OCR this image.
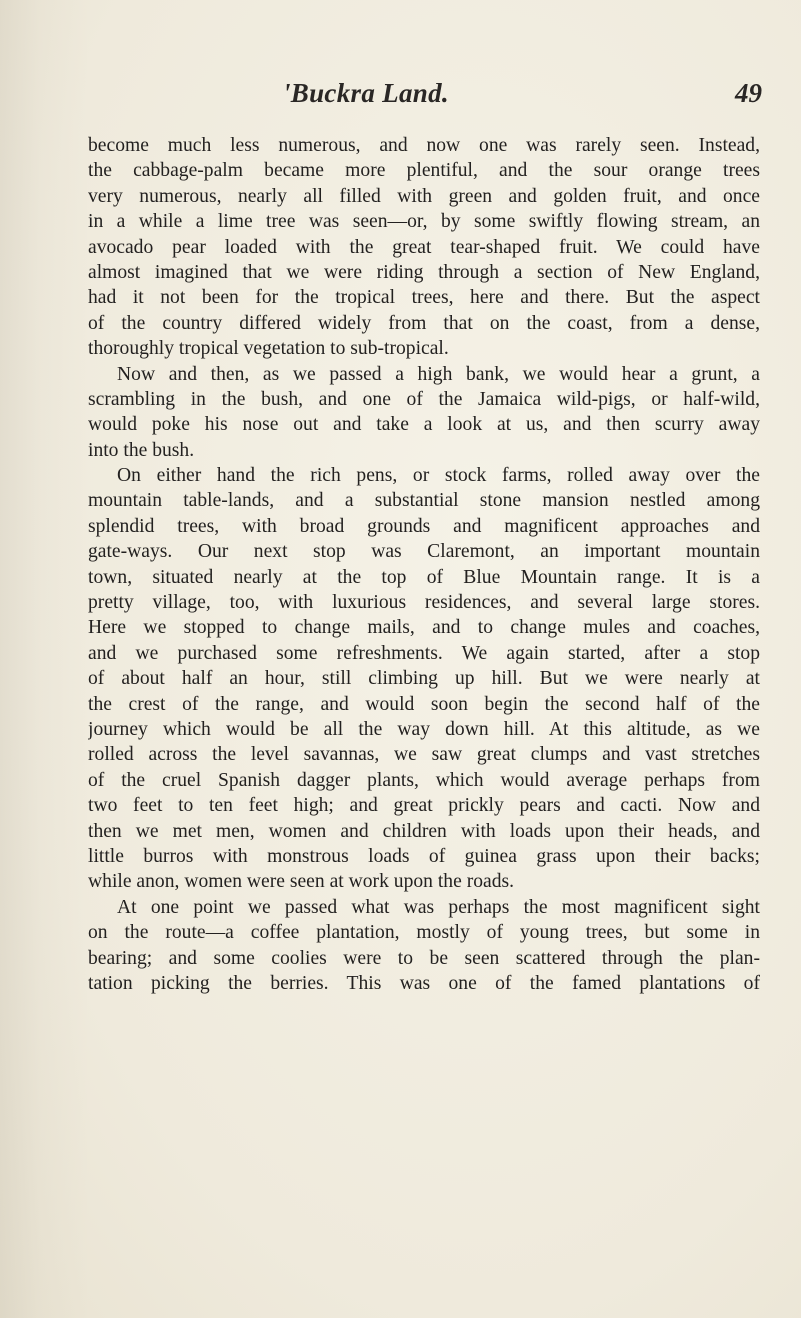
'Buckra Land.	49
become much less numerous, and now one was rarely seen. Instead,
the cabbage-palm became more plentiful, and the sour orange trees
very numerous, nearly all filled with green and golden fruit, and once
in a while a lime tree was seen—or, by some swiftly flowing stream, an
avocado pear loaded with the great tear-shaped fruit. We could have
almost imagined that we were riding through a section of New England,
had it not been for the tropical trees, here and there. But the aspect
of the country differed widely from that on the coast, from a dense,
thoroughly tropical vegetation to sub-tropical.
Now and then, as we passed a high bank, we would hear a grunt, a
scrambling in the bush, and one of the Jamaica wild-pigs, or half-wild,
would poke his nose out and take a look at us, and then scurry away
into the bush.
On either hand the rich pens, or stock farms, rolled away over the
mountain table-lands, and a substantial stone mansion nestled among
splendid trees, with broad grounds and magnificent approaches and
gate-ways. Our next stop was Claremont, an important mountain
town, situated nearly at the top of Blue Mountain range. It is a
pretty village, too, with luxurious residences, and several large stores.
Here we stopped to change mails, and to change mules and coaches,
and we purchased some refreshments. We again started, after a stop
of about half an hour, still climbing up hill. But we were nearly at
the crest of the range, and would soon begin the second half of the
journey which would be all the way down hill. At this altitude, as we
rolled across the level savannas, we saw great clumps and vast stretches
of the cruel Spanish dagger plants, which would average perhaps from
two feet to ten feet high; and great prickly pears and cacti. Now and
then we met men, women and children with loads upon their heads, and
little burros with monstrous loads of guinea grass upon their backs;
while anon, women were seen at work upon the roads.
At one point we passed what was perhaps the most magnificent sight
on the route—a coffee plantation, mostly of young trees, but some in
bearing; and some coolies were to be seen scattered through the plan-
tation picking the berries. This was one of the famed plantations of
